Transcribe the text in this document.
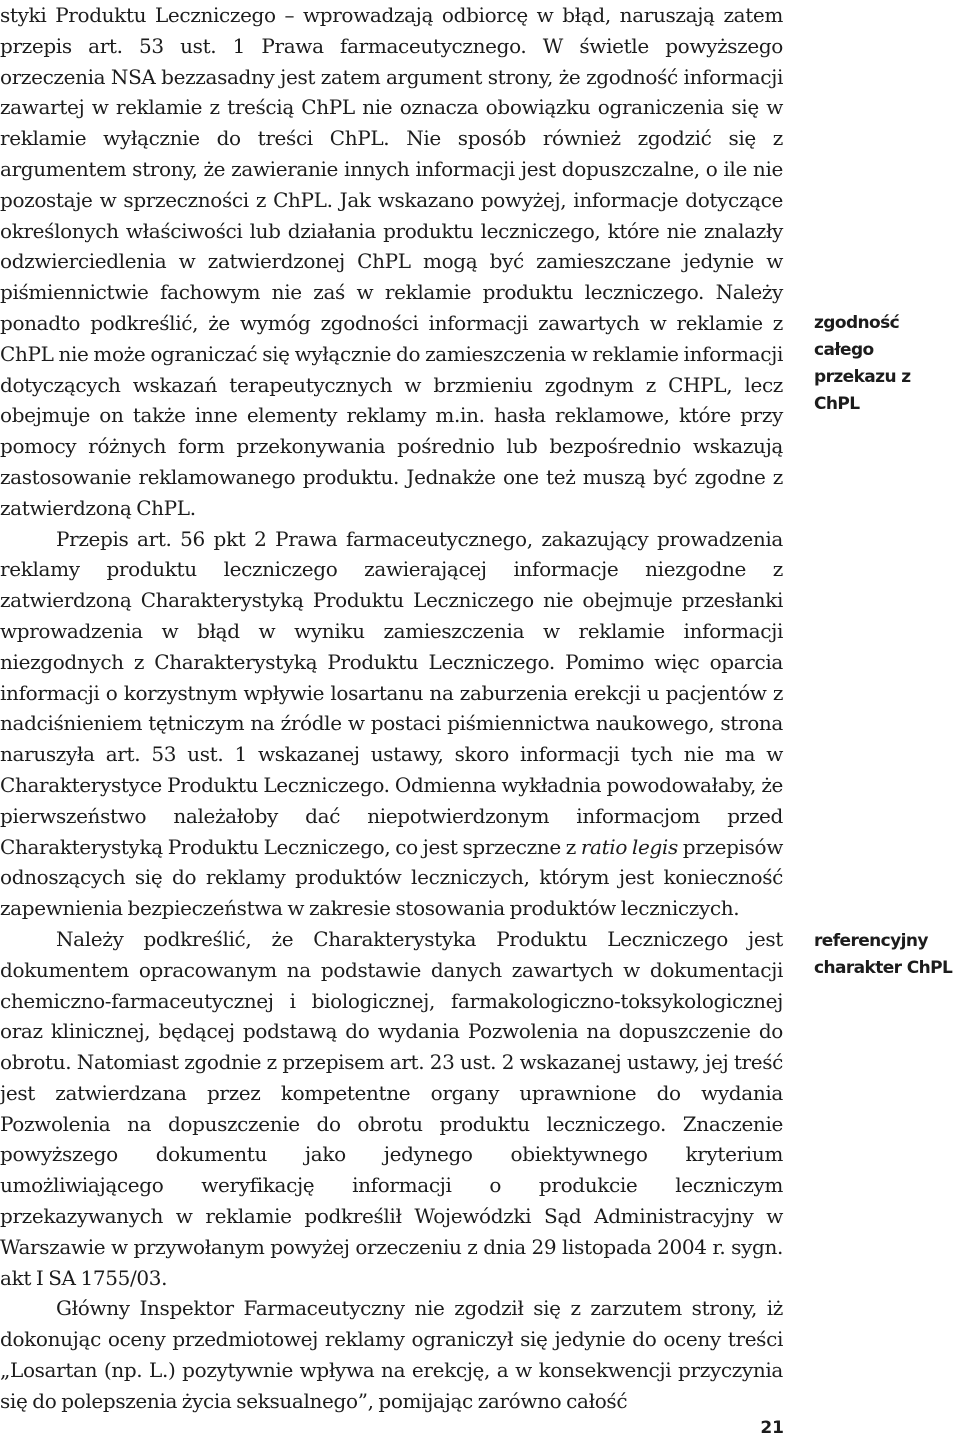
styki Produktu Leczniczego – wprowadzają odbiorcę w błąd, naruszają zatem przepis art. 53 ust. 1 Prawa farmaceutycznego. W świetle powyższego orzeczenia NSA bezzasadny jest zatem argument strony, że zgodność informacji zawartej w reklamie z treścią ChPL nie oznacza obowiązku ograniczenia się w reklamie wyłącznie do treści ChPL. Nie sposób również zgodzić się z argumentem strony, że zawieranie innych informacji jest dopuszczalne, o ile nie pozostaje w sprzeczności z ChPL. Jak wskazano powyżej, informacje dotyczące określonych właściwości lub działania produktu leczniczego, które nie znalazły odzwierciedlenia w zatwierdzonej ChPL mogą być zamieszczane jedynie w piśmiennictwie fachowym nie zaś w reklamie produktu leczniczego. Należy ponadto podkreślić, że wymóg zgodności informacji zawartych w reklamie z ChPL nie może ograniczać się wyłącznie do zamieszczenia w reklamie informacji dotyczących wskazań terapeutycznych w brzmieniu zgodnym z CHPL, lecz obejmuje on także inne elementy reklamy m.in. hasła reklamowe, które przy pomocy różnych form przekonywania pośrednio lub bezpośrednio wskazują zastosowanie reklamowanego produktu. Jednakże one też muszą być zgodne z zatwierdzoną ChPL.

Przepis art. 56 pkt 2 Prawa farmaceutycznego, zakazujący prowadzenia reklamy produktu leczniczego zawierającej informacje niezgodne z zatwierdzoną Charakterystyką Produktu Leczniczego nie obejmuje przesłanki wprowadzenia w błąd w wyniku zamieszczenia w reklamie informacji niezgodnych z Charakterystyką Produktu Leczniczego. Pomimo więc oparcia informacji o korzystnym wpływie losartanu na zaburzenia erekcji u pacjentów z nadciśnieniem tętniczym na źródle w postaci piśmiennictwa naukowego, strona naruszyła art. 53 ust. 1 wskazanej ustawy, skoro informacji tych nie ma w Charakterystyce Produktu Leczniczego. Odmienna wykładnia powodowałaby, że pierwszeństwo należałoby dać niepotwierdzonym informacjom przed Charakterystyką Produktu Leczniczego, co jest sprzeczne z ratio legis przepisów odnoszących się do reklamy produktów leczniczych, którym jest konieczność zapewnienia bezpieczeństwa w zakresie stosowania produktów leczniczych.

Należy podkreślić, że Charakterystyka Produktu Leczniczego jest dokumentem opracowanym na podstawie danych zawartych w dokumentacji chemiczno-farmaceutycznej i biologicznej, farmakologiczno-toksykologicznej oraz klinicznej, będącej podstawą do wydania Pozwolenia na dopuszczenie do obrotu. Natomiast zgodnie z przepisem art. 23 ust. 2 wskazanej ustawy, jej treść jest zatwierdzana przez kompetentne organy uprawnione do wydania Pozwolenia na dopuszczenie do obrotu produktu leczniczego. Znaczenie powyższego dokumentu jako jedynego obiektywnego kryterium umożliwiającego weryfikację informacji o produkcie leczniczym przekazywanych w reklamie podkreślił Wojewódzki Sąd Administracyjny w Warszawie w przywołanym powyżej orzeczeniu z dnia 29 listopada 2004 r. sygn. akt I SA 1755/03.

Główny Inspektor Farmaceutyczny nie zgodził się z zarzutem strony, iż dokonując oceny przedmiotowej reklamy ograniczył się jedynie do oceny treści „Losartan (np. L.) pozytywnie wpływa na erekcję, a w konsekwencji przyczynia się do polepszenia życia seksualnego”, pomijając zarówno całość

zgodność całego
przekazu z ChPL
referencyjny
charakter ChPL
21
